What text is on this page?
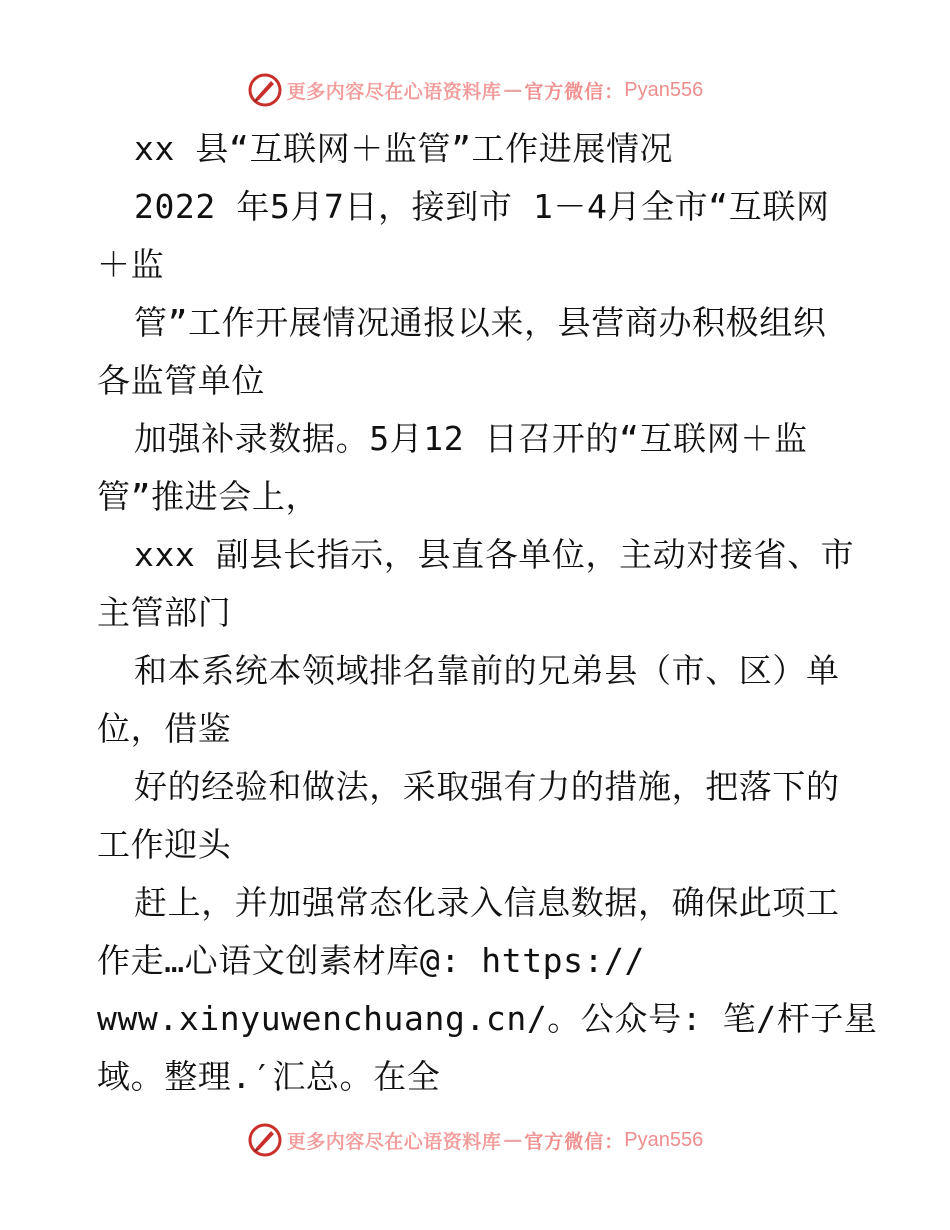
更多内容尽在心语资料库 — 官方微信： Pyan556
xx 县“互联网＋监管”工作进展情况
2022 年5月7日，接到市 1－4月全市“互联网
＋监
管”工作开展情况通报以来，县营商办积极组织
各监管单位
加强补录数据。5月12 日召开的“互联网＋监
管”推进会上，
xxx 副县长指示，县直各单位，主动对接省、市
主管部门
和本系统本领域排名靠前的兄弟县（市、区）单
位，借鉴
好的经验和做法，采取强有力的措施，把落下的
工作迎头
赶上，并加强常态化录入信息数据，确保此项工
作走…心语文创素材库@: https://
www.xinyuwenchuang.cn/。公众号: 笔/杆子星
域。整理.′汇总。在全
更多内容尽在心语资料库 — 官方微信： Pyan556
